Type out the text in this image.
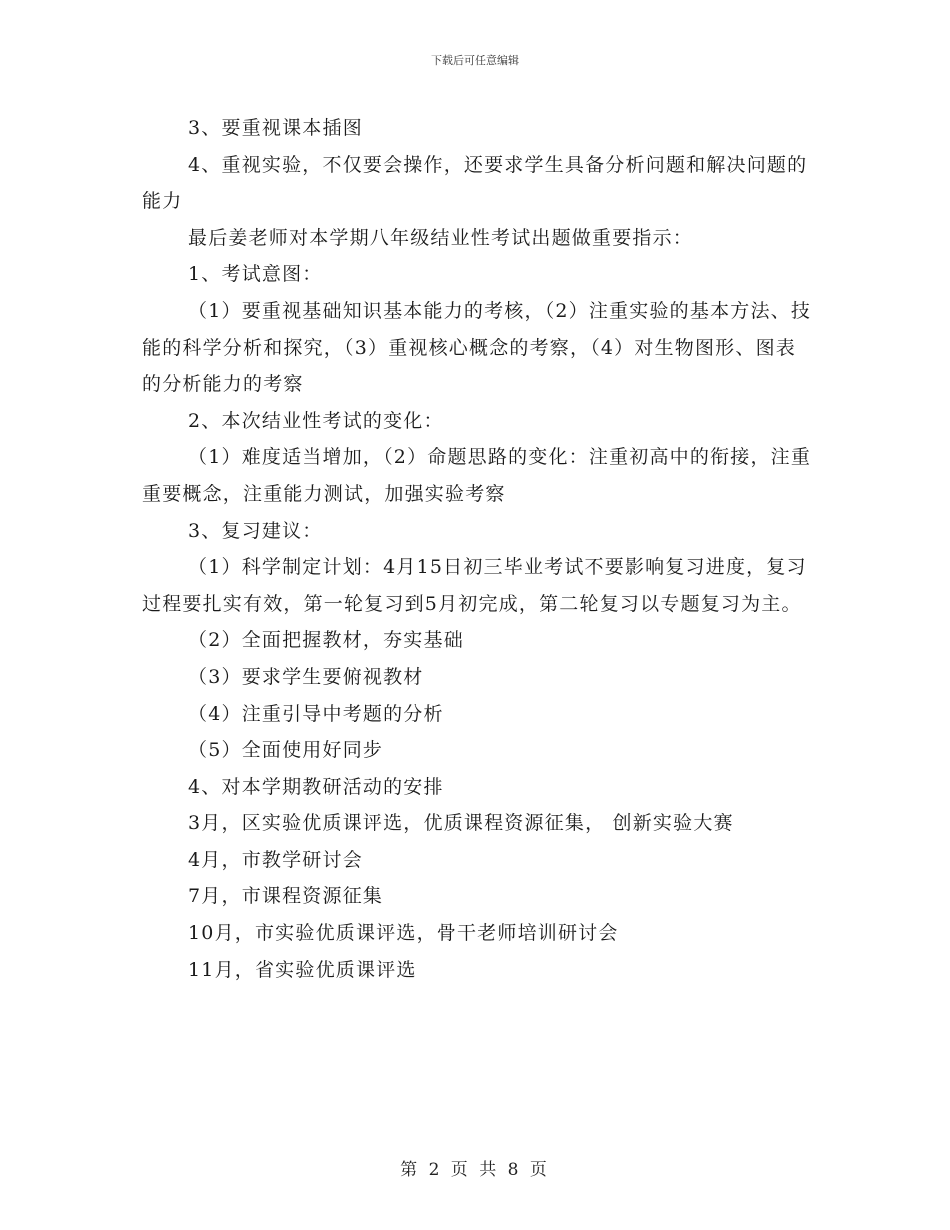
下载后可任意编辑

3、要重视课本插图

4、重视实验，不仅要会操作，还要求学生具备分析问题和解决问题的能力

最后姜老师对本学期八年级结业性考试出题做重要指示：

1、考试意图：

（1）要重视基础知识基本能力的考核，（2）注重实验的基本方法、技能的科学分析和探究，（3）重视核心概念的考察，（4）对生物图形、图表的分析能力的考察

2、本次结业性考试的变化：

（1）难度适当增加，（2）命题思路的变化：注重初高中的衔接，注重重要概念，注重能力测试，加强实验考察

3、复习建议：

（1）科学制定计划：4月15日初三毕业考试不要影响复习进度，复习过程要扎实有效，第一轮复习到5月初完成，第二轮复习以专题复习为主。

（2）全面把握教材，夯实基础

（3）要求学生要俯视教材

（4）注重引导中考题的分析

（5）全面使用好同步

4、对本学期教研活动的安排

3月，区实验优质课评选，优质课程资源征集， 创新实验大赛

4月，市教学研讨会

7月，市课程资源征集

10月，市实验优质课评选，骨干老师培训研讨会

11月，省实验优质课评选

第 2 页 共 8 页
